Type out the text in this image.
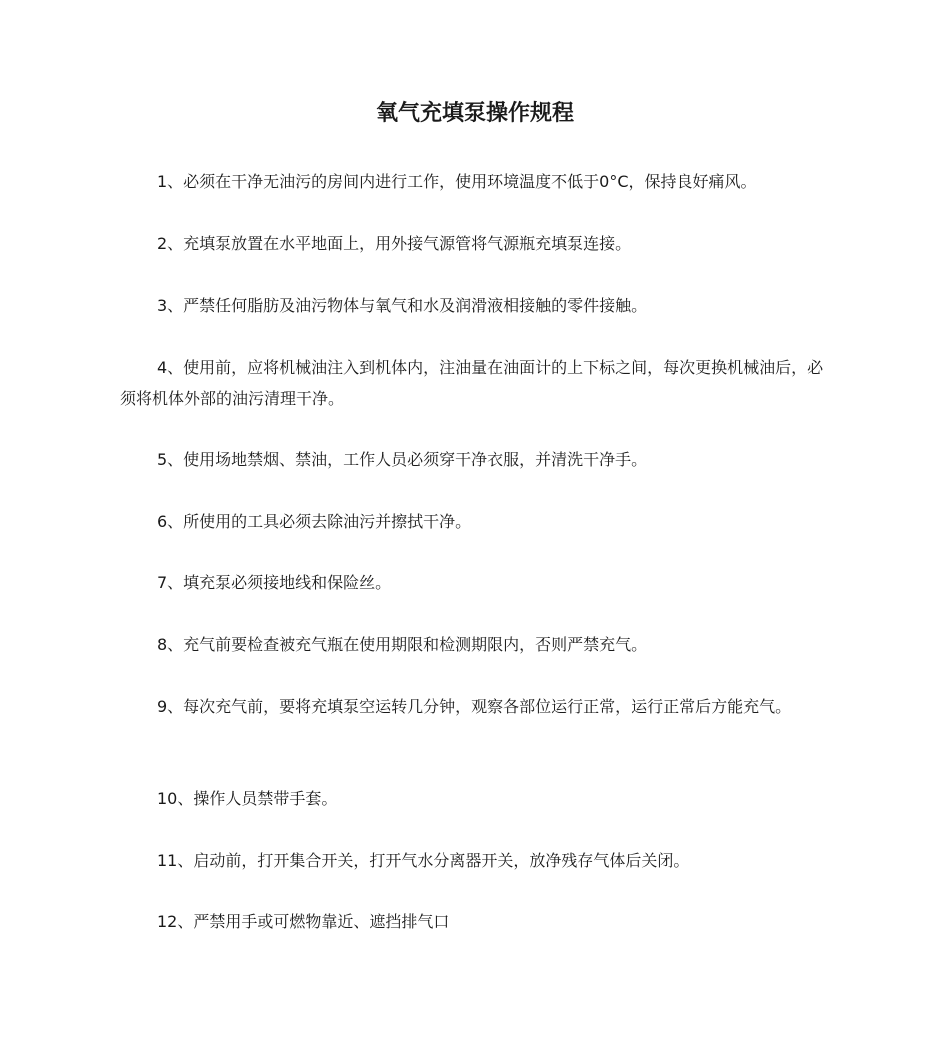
氧气充填泵操作规程

1、必须在干净无油污的房间内进行工作，使用环境温度不低于0°C，保持良好痛风。

2、充填泵放置在水平地面上，用外接气源管将气源瓶充填泵连接。

3、严禁任何脂肪及油污物体与氧气和水及润滑液相接触的零件接触。

4、使用前，应将机械油注入到机体内，注油量在油面计的上下标之间，每次更换机械油后，必须将机体外部的油污清理干净。

5、使用场地禁烟、禁油，工作人员必须穿干净衣服，并清洗干净手。

6、所使用的工具必须去除油污并擦拭干净。

7、填充泵必须接地线和保险丝。

8、充气前要检查被充气瓶在使用期限和检测期限内，否则严禁充气。

9、每次充气前，要将充填泵空运转几分钟，观察各部位运行正常，运行正常后方能充气。

10、操作人员禁带手套。

11、启动前，打开集合开关，打开气水分离器开关，放净残存气体后关闭。

12、严禁用手或可燃物靠近、遮挡排气口
